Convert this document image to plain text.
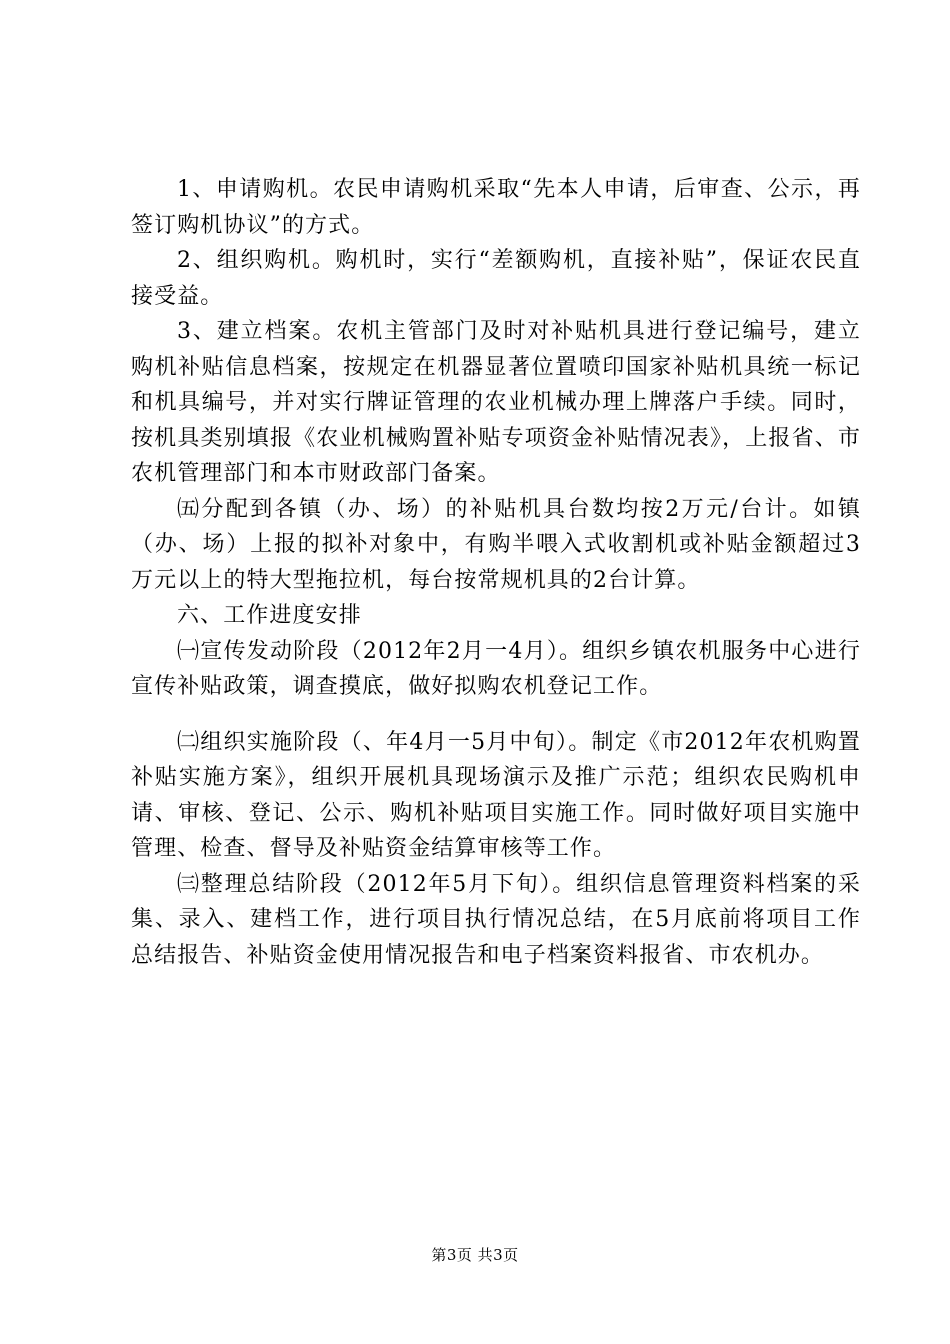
1、申请购机。农民申请购机采取“先本人申请，后审查、公示，再签订购机协议”的方式。

2、组织购机。购机时，实行“差额购机，直接补贴”，保证农民直接受益。

3、建立档案。农机主管部门及时对补贴机具进行登记编号，建立购机补贴信息档案，按规定在机器显著位置喷印国家补贴机具统一标记和机具编号，并对实行牌证管理的农业机械办理上牌落户手续。同时，按机具类别填报《农业机械购置补贴专项资金补贴情况表》，上报省、市农机管理部门和本市财政部门备案。

㈤分配到各镇（办、场）的补贴机具台数均按2万元/台计。如镇（办、场）上报的拟补对象中，有购半喂入式收割机或补贴金额超过3万元以上的特大型拖拉机，每台按常规机具的2台计算。

六、工作进度安排

㈠宣传发动阶段（2012年2月一4月）。组织乡镇农机服务中心进行宣传补贴政策，调查摸底，做好拟购农机登记工作。

㈡组织实施阶段（、年4月一5月中旬）。制定《市2012年农机购置补贴实施方案》，组织开展机具现场演示及推广示范；组织农民购机申请、审核、登记、公示、购机补贴项目实施工作。同时做好项目实施中管理、检查、督导及补贴资金结算审核等工作。

㈢整理总结阶段（2012年5月下旬）。组织信息管理资料档案的采集、录入、建档工作，进行项目执行情况总结，在5月底前将项目工作总结报告、补贴资金使用情况报告和电子档案资料报省、市农机办。

第3页 共3页
